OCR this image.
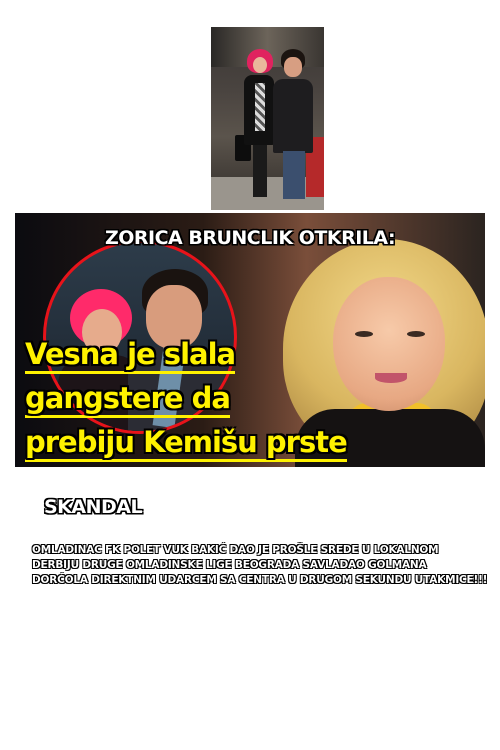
ZORICA BRUNCLIK OTKRILA:
Vesna je slala
gangstere da
prebiju Kemišu prste
SKANDAL
OMLADINAC FK POLET VUK BAKIĆ DAO JE PROŠLE SREDE U LOKALNOM
DERBIJU DRUGE OMLADINSKE LIGE BEOGRADA SAVLADAO GOLMANA
DORĆOLA DIREKTNIM UDARCEM SA CENTRA U DRUGOM SEKUNDU UTAKMICE!!!
